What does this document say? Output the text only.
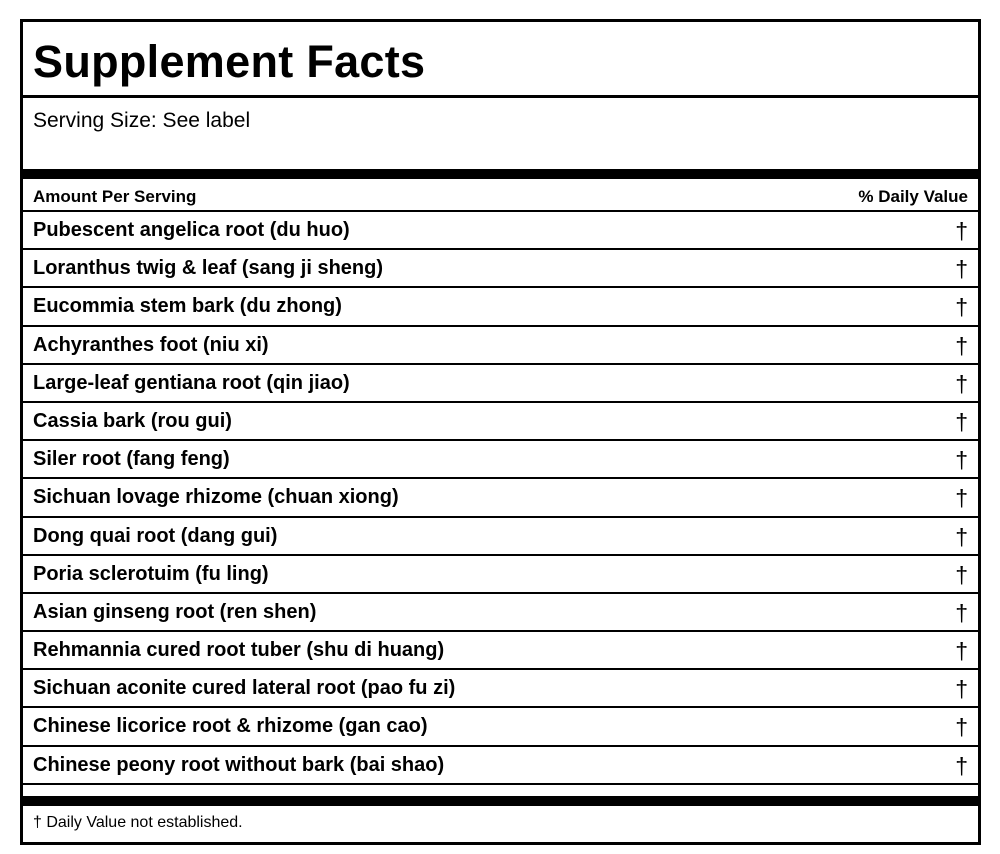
Supplement Facts
Serving Size: See label
Amount Per Serving	% Daily Value
Pubescent angelica root (du huo)	†
Loranthus twig & leaf (sang ji sheng)	†
Eucommia stem bark (du zhong)	†
Achyranthes foot (niu xi)	†
Large-leaf gentiana root (qin jiao)	†
Cassia bark (rou gui)	†
Siler root (fang feng)	†
Sichuan lovage rhizome (chuan xiong)	†
Dong quai root (dang gui)	†
Poria sclerotuim (fu ling)	†
Asian ginseng root (ren shen)	†
Rehmannia cured root tuber (shu di huang)	†
Sichuan aconite cured lateral root (pao fu zi)	†
Chinese licorice root & rhizome (gan cao)	†
Chinese peony root without bark (bai shao)	†
† Daily Value not established.
